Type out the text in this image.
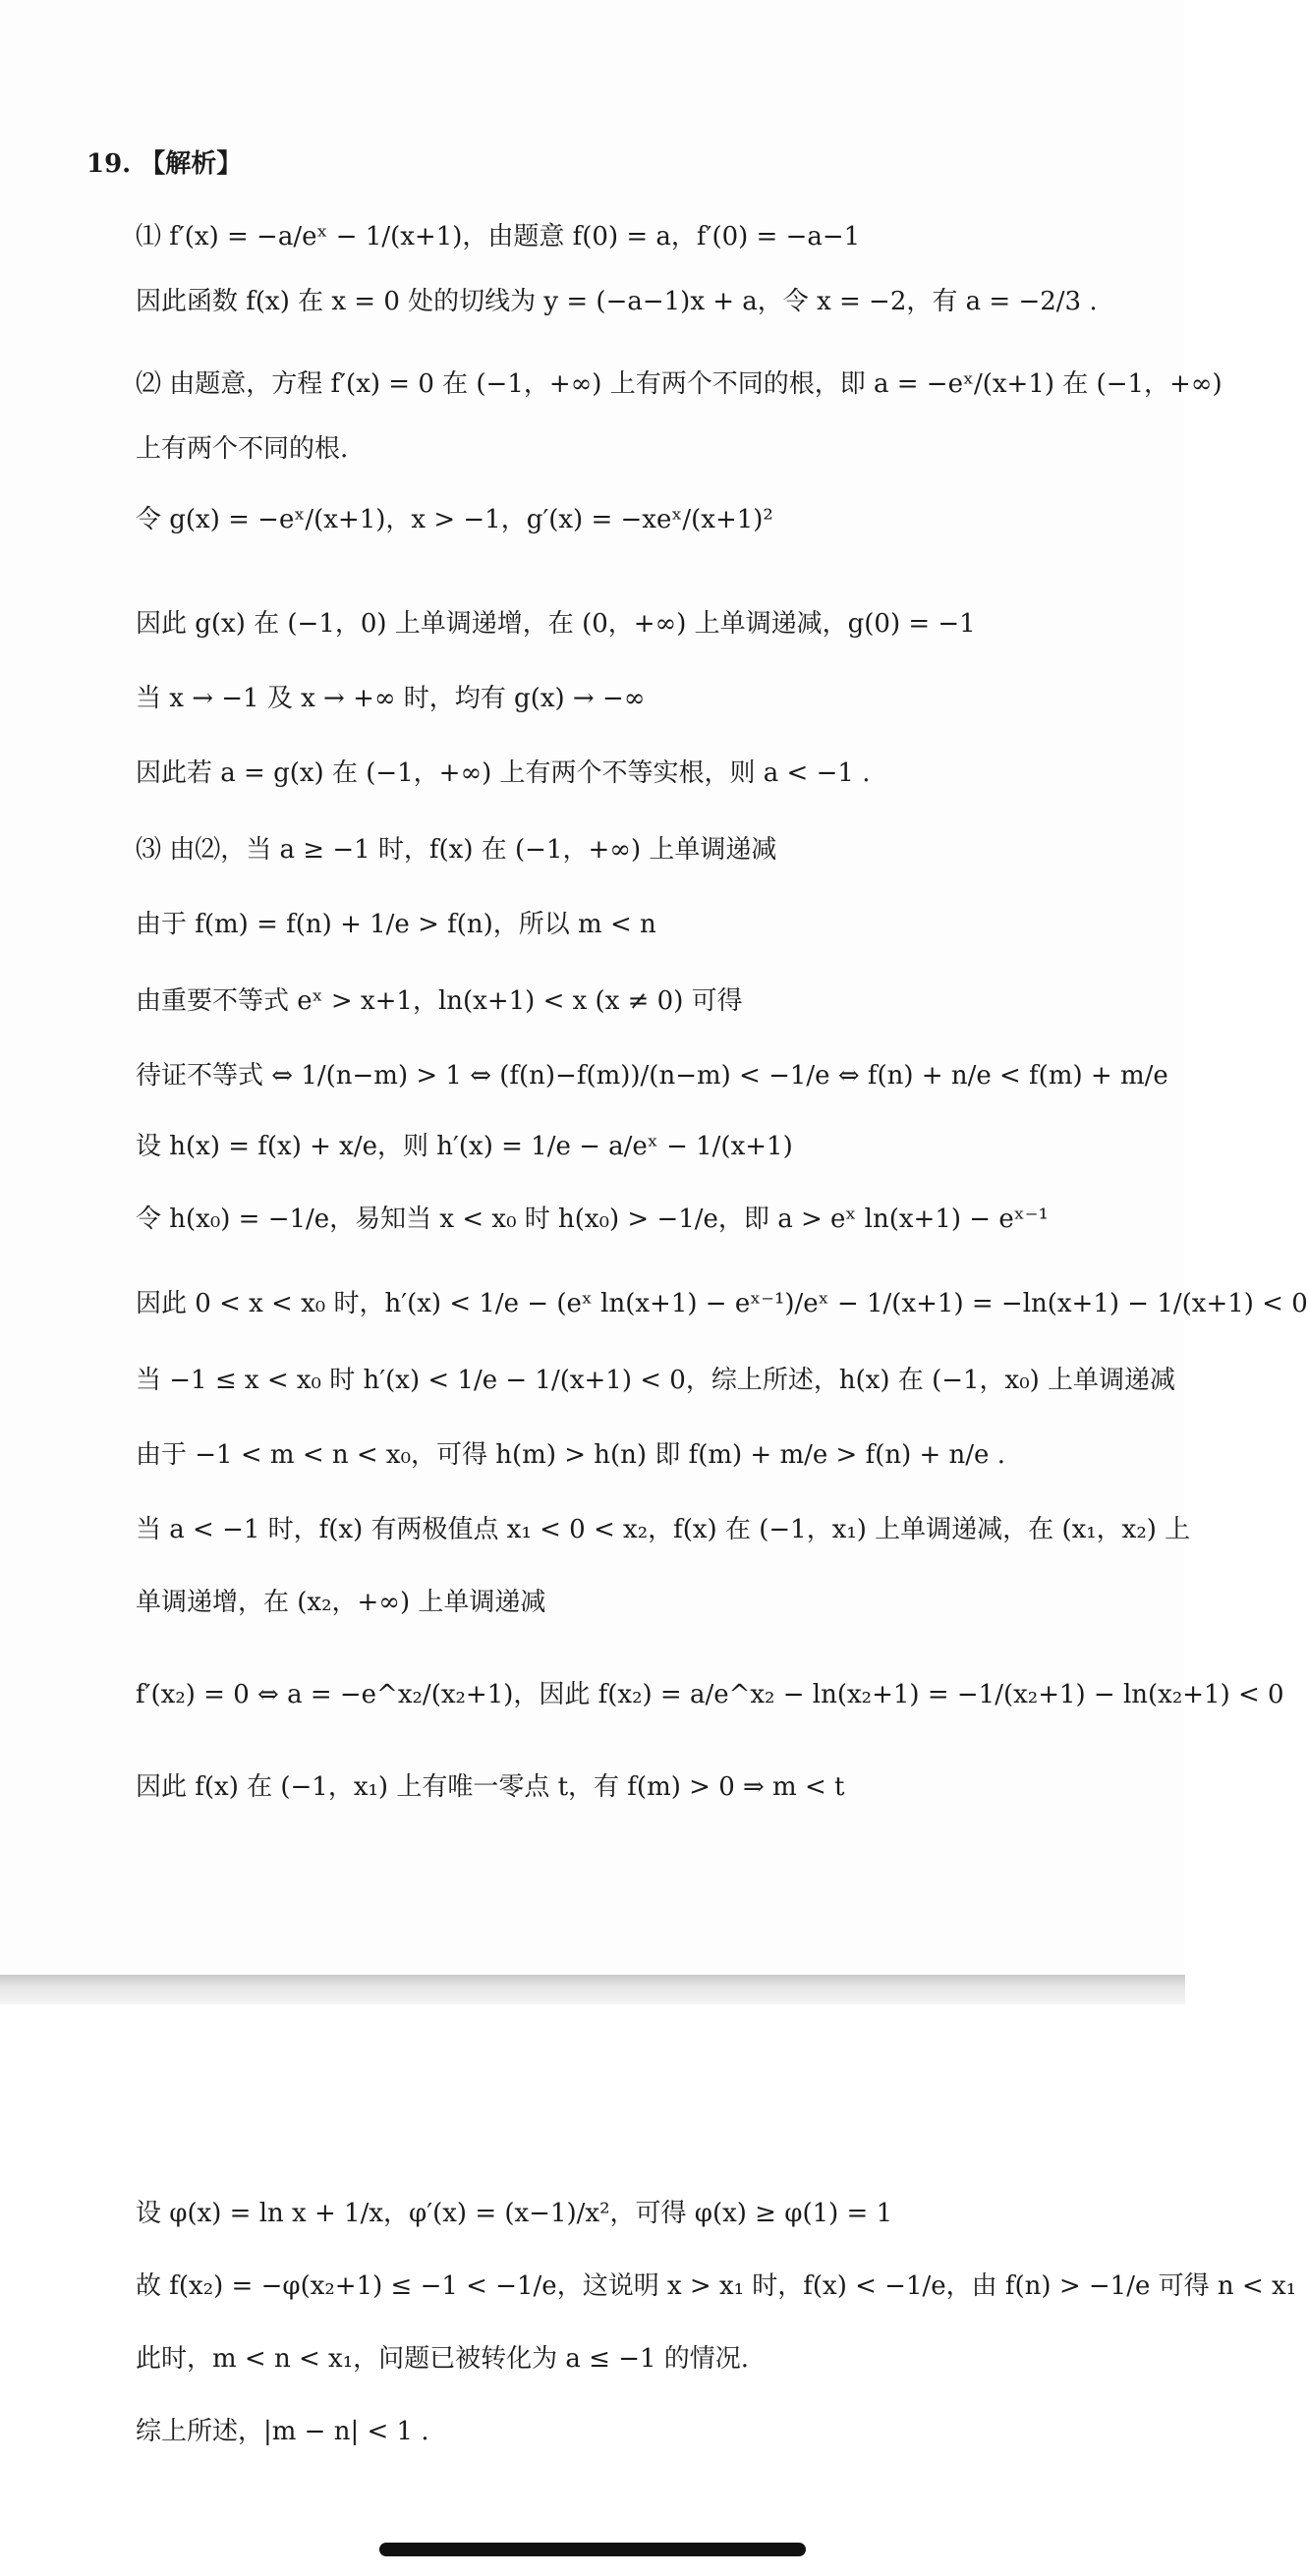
19. 【解析】
⑴ f′(x) = −a/eˣ − 1/(x+1)，由题意 f(0) = a，f′(0) = −a−1
因此函数 f(x) 在 x = 0 处的切线为 y = (−a−1)x + a，令 x = −2，有 a = −2/3 .
⑵ 由题意，方程 f′(x) = 0 在 (−1，+∞) 上有两个不同的根，即 a = −eˣ/(x+1) 在 (−1，+∞)
上有两个不同的根.
令 g(x) = −eˣ/(x+1)，x > −1，g′(x) = −xeˣ/(x+1)²
因此 g(x) 在 (−1，0) 上单调递增，在 (0，+∞) 上单调递减，g(0) = −1
当 x → −1 及 x → +∞ 时，均有 g(x) → −∞
因此若 a = g(x) 在 (−1，+∞) 上有两个不等实根，则 a < −1 .
⑶ 由⑵，当 a ≥ −1 时，f(x) 在 (−1，+∞) 上单调递减
由于 f(m) = f(n) + 1/e > f(n)，所以 m < n
由重要不等式 eˣ > x+1，ln(x+1) < x (x ≠ 0) 可得
待证不等式 ⇔ 1/(n−m) > 1 ⇔ (f(n)−f(m))/(n−m) < −1/e ⇔ f(n) + n/e < f(m) + m/e
设 h(x) = f(x) + x/e，则 h′(x) = 1/e − a/eˣ − 1/(x+1)
令 h(x₀) = −1/e，易知当 x < x₀ 时 h(x₀) > −1/e，即 a > eˣ ln(x+1) − eˣ⁻¹
因此 0 < x < x₀ 时，h′(x) < 1/e − (eˣ ln(x+1) − eˣ⁻¹)/eˣ − 1/(x+1) = −ln(x+1) − 1/(x+1) < 0
当 −1 ≤ x < x₀ 时 h′(x) < 1/e − 1/(x+1) < 0，综上所述，h(x) 在 (−1，x₀) 上单调递减
由于 −1 < m < n < x₀，可得 h(m) > h(n) 即 f(m) + m/e > f(n) + n/e .
当 a < −1 时，f(x) 有两极值点 x₁ < 0 < x₂，f(x) 在 (−1，x₁) 上单调递减，在 (x₁，x₂) 上
单调递增，在 (x₂，+∞) 上单调递减
f′(x₂) = 0 ⇔ a = −e^x₂/(x₂+1)，因此 f(x₂) = a/e^x₂ − ln(x₂+1) = −1/(x₂+1) − ln(x₂+1) < 0
因此 f(x) 在 (−1，x₁) 上有唯一零点 t，有 f(m) > 0 ⇒ m < t
设 φ(x) = ln x + 1/x，φ′(x) = (x−1)/x²，可得 φ(x) ≥ φ(1) = 1
故 f(x₂) = −φ(x₂+1) ≤ −1 < −1/e，这说明 x > x₁ 时，f(x) < −1/e，由 f(n) > −1/e 可得 n < x₁
此时，m < n < x₁，问题已被转化为 a ≤ −1 的情况.
综上所述，|m − n| < 1 .
